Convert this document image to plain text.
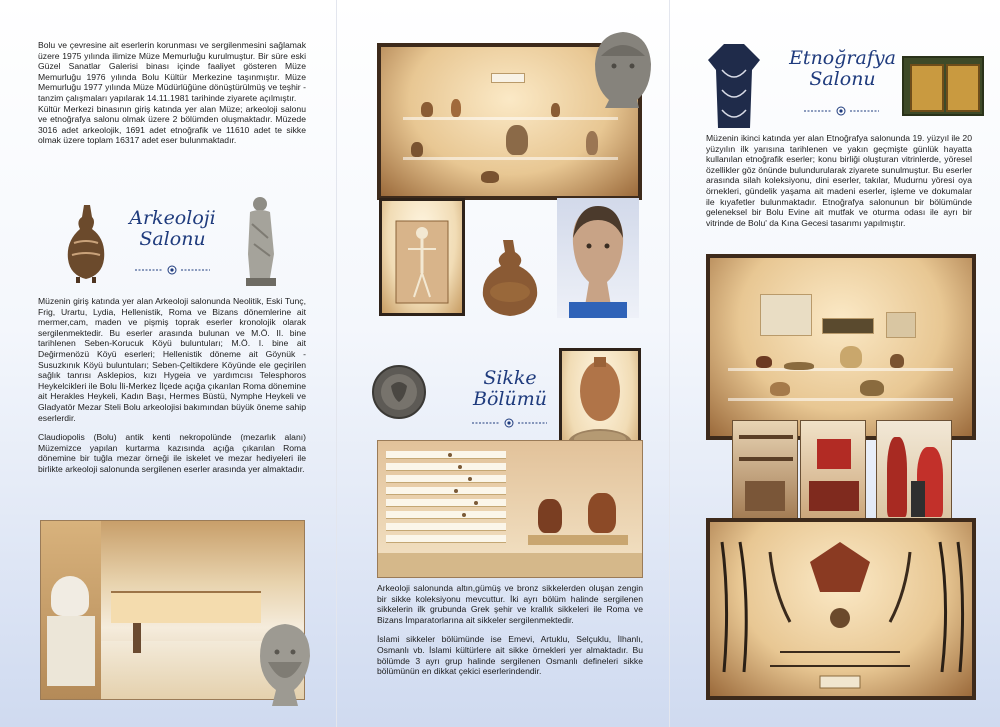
Bolu ve çevresine ait eserlerin korunması ve sergilenmesini sağlamak üzere 1975 yılında ilimize Müze Memurluğu kurulmuştur. Bir süre eski Güzel Sanatlar Galerisi binası içinde faaliyet gösteren Müze Memurluğu 1976 yılında Bolu Kültür Merkezine taşınmıştır. Müze Memurluğu 1977 yılında Müze Müdürlüğüne dönüştürülmüş ve teşhir - tanzim çalışmaları yapılarak 14.11.1981 tarihinde ziyarete açılmıştır.

Kültür Merkezi binasının giriş katında yer alan Müze; arkeoloji salonu ve etnoğrafya salonu olmak üzere 2 bölümden oluşmaktadır. Müzede 3016 adet arkeolojik, 1691 adet etnoğrafik ve 11610 adet te sikke olmak üzere toplam 16317 adet eser bulunmaktadır.

Arkeoloji
Salonu

Müzenin giriş katında yer alan Arkeoloji salonunda Neolitik, Eski Tunç, Frig, Urartu, Lydia, Hellenistik, Roma ve Bizans dönemlerine ait mermer,cam, maden ve pişmiş toprak eserler kronolojik olarak sergilenmektedir. Bu eserler arasında bulunan ve M.Ö. II. bine tarihlenen Seben-Korucuk Köyü buluntuları; M.Ö. I. bine ait Değirmenözü Köyü eserleri; Hellenistik döneme ait Göynük - Susuzkınık Köyü buluntuları; Seben-Çeltikdere Köyünde ele geçirilen sağlık tanrısı Asklepios, kızı Hygeia ve yardımcısı Telesphoros Heykelcikleri ile Bolu İli-Merkez İlçede açığa çıkarılan Roma dönemine ait Herakles Heykeli, Kadın Başı, Hermes Büstü, Nymphe Heykeli ve Gladyatör Mezar Steli Bolu arkeolojisi bakımından büyük öneme sahip eserlerdir.

Claudiopolis (Bolu) antik kenti nekropolünde (mezarlık alanı) Müzemizce yapılan kurtarma kazısında açığa çıkarılan Roma dönemine bir tuğla mezar örneği ile iskelet ve mezar hediyeleri ile birlikte arkeoloji salonunda sergilenen eserler arasında yer almaktadır.

Sikke
Bölümü

Arkeoloji salonunda altın,gümüş ve bronz sikkelerden oluşan zengin bir sikke koleksiyonu mevcuttur. İki ayrı bölüm halinde sergilenen sikkelerin ilk grubunda Grek şehir ve krallık sikkeleri ile Roma ve Bizans İmparatorlarına ait sikkeler sergilenmektedir.

İslami sikkeler bölümünde ise Emevi, Artuklu, Selçuklu, İlhanlı, Osmanlı vb. İslami kültürlere ait sikke örnekleri yer almaktadır. Bu bölümde 3 ayrı grup halinde sergilenen Osmanlı defineleri sikke bölümünün en dikkat çekici eserlerindendir.

Etnoğrafya
Salonu

Müzenin ikinci katında yer alan Etnoğrafya salonunda 19. yüzyıl ile 20 yüzyılın ilk yarısına tarihlenen ve yakın geçmişte günlük hayatta kullanılan etnoğrafik eserler; konu birliği oluşturan vitrinlerde, yöresel özellikler göz önünde bulundurularak ziyarete sunulmuştur. Bu eserler arasında silah koleksiyonu, dini eserler, takılar, Mudurnu yöresi oya örnekleri, gündelik yaşama ait madeni eserler, işleme ve dokumalar ile kıyafetler bulunmaktadır. Etnoğrafya salonunun bir bölümünde geleneksel bir Bolu Evine ait mutfak ve oturma odası ile ayrı bir vitrinde de Bolu' da Kına Gecesi tasarımı yapılmıştır.
